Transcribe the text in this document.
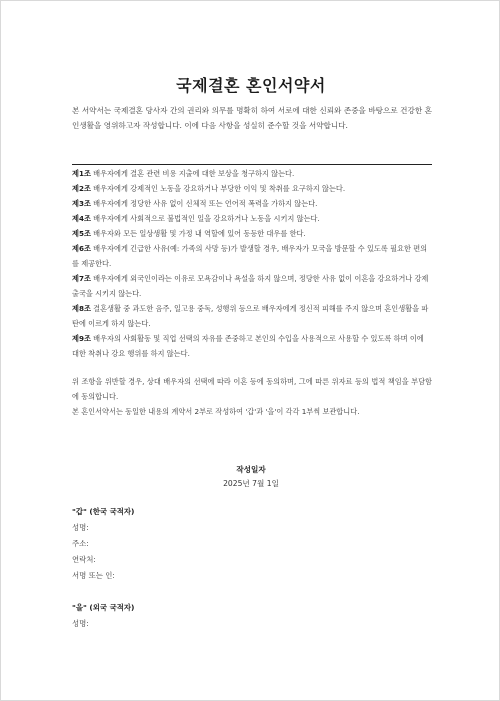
국제결혼 혼인서약서
본 서약서는 국제결혼 당사자 간의 권리와 의무를 명확히 하여 서로에 대한 신뢰와 존중을 바탕으로 건강한 혼인생활을 영위하고자 작성합니다. 이에 다음 사항을 성실히 준수할 것을 서약합니다.

제1조 배우자에게 결혼 관련 비용 지출에 대한 보상을 청구하지 않는다.

제2조 배우자에게 강제적인 노동을 강요하거나 부당한 이익 및 착취를 요구하지 않는다.

제3조 배우자에게 정당한 사유 없이 신체적 또는 언어적 폭력을 가하지 않는다.

제4조 배우자에게 사회적으로 불법적인 일을 강요하거나 노동을 시키지 않는다.

제5조 배우자와 모든 일상생활 및 가정 내 역할에 있어 동등한 대우를 한다.

제6조 배우자에게 긴급한 사유(예: 가족의 사망 등)가 발생할 경우, 배우자가 모국을 방문할 수 있도록 필요한 편의를 제공한다.

제7조 배우자에게 외국인이라는 이유로 모욕감이나 욕설을 하지 않으며, 정당한 사유 없이 이혼을 강요하거나 강제 출국을 시키지 않는다.

제8조 결혼생활 중 과도한 음주, 일고용 중독, 성행위 등으로 배우자에게 정신적 피해를 주지 않으며 혼인생활을 파탄에 이르게 하지 않는다.

제9조 배우자의 사회활동 및 직업 선택의 자유를 존중하고 본인의 수입을 사용적으로 사용할 수 있도록 하며 이에 대한 착취나 강요 행위를 하지 않는다.

위 조항을 위반할 경우, 상대 배우자의 선택에 따라 이혼 등에 동의하며, 그에 따른 위자료 등의 법적 책임을 부담함에 동의합니다.

본 혼인서약서는 동일한 내용의 계약서 2부로 작성하여 '갑'과 '을'이 각각 1부씩 보관합니다.

작성일자
2025년 7월 1일
"갑" (한국 국적자)
성명:
주소:
연락처:
서명 또는 인:
"을" (외국 국적자)
성명:
